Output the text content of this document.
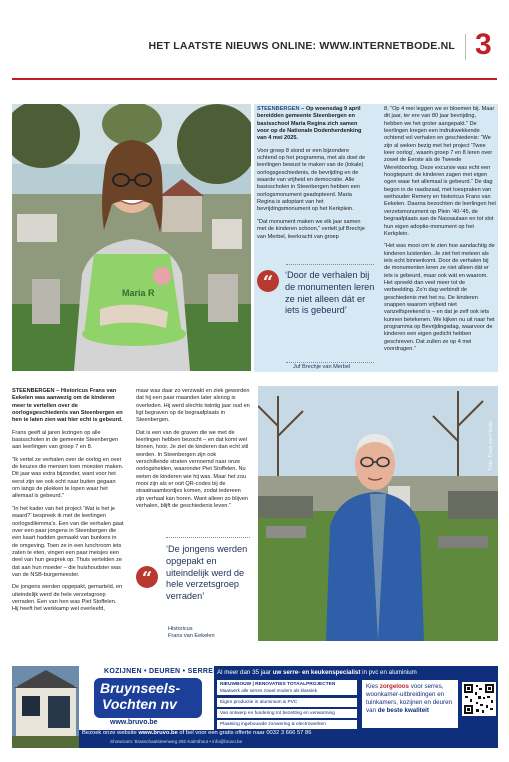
HET LAATSTE NIEUWS ONLINE: WWW.INTERNETBODE.NL 3
Maria R

STEENBERGEN – Op woensdag 9 april bereidden gemeente Steenbergen en basisschool Maria Regina zich samen voor op de Nationale Dodenherdenking van 4 mei 2025.

Voor groep 8 stond er een bijzondere ochtend op het programma, met als doel de leerlingen bewust te maken van de (lokale) oorlogsgeschiedenis, de bevrijding en de waarde van vrijheid en democratie. Alle basisscholen in Steenbergen hebben een oorlogsmonument geadopteerd. Maria Regina is adoptant van het bevrijdingsmonument op het Kerkplein.

“Dat monument maken we elk jaar samen met de kinderen schoon,” vertelt juf Brechje van Merbel, leerkracht van groep

8. “Op 4 mei leggen we er bloemen bij. Maar dit jaar, ter ere van 80 jaar bevrijding, hebben we het groter aangepakt.” De leerlingen kregen een indrukwekkende ochtend vol verhalen en geschiedenis: “We zijn al weken bezig met het project ‘Twee keer oorlog’, waarin groep 7 en 8 leren over zowel de Eerste als de Tweede Wereldoorlog. Deze excursie was echt een hoogtepunt: de kinderen zagen met eigen ogen waar het allemaal is gebeurd.” De dag begon in de raadszaal, met toespraken van wethouder Remery en historicus Frans van Eekelen. Daarna bezochten de leerlingen het verzetsmonument op Plein ’40-’45, de begraafplaats aan de Nassaulaan en tot slot hun eigen adoptie-monument op het Kerkplein.

“Het was mooi om te zien hoe aandachtig de kinderen luisterden. Je ziet het meteen als iets echt binnenkomt. Door de verhalen bij de monumenten leren ze niet alleen dát er iets is gebeurd, maar ook wát en waarom. Het spreekt dan veel meer tot de verbeelding. Zo’n dag verbindt de geschiedenis met het nu. De kinderen snappen waarom vrijheid niet vanzelfsprekend is – en dat je zelf ook iets kunnen betekenen. We kijken nu uit naar het programma op Bevrijdingsdag, waarvoor de kinderen een eigen gedicht hebben geschreven. Dat zullen ze op 4 mei voordragen.”

“	‘Door de verhalen bij de monumenten leren ze niet alleen dát er iets is gebeurd’
Juf Brechje van Merbel

STEENBERGEN – Historicus Frans van Eekelen was aanwezig om de kinderen meer te vertellen over de oorlogsgeschiedenis van Steenbergen en hen te laten zien wat hier echt is gebeurd.

Frans geeft al jaren lezingen op alle basisscholen in de gemeente Steenbergen aan leerlingen van groep 7 en 8.

“Ik vertel ze verhalen over de oorlog en over de keuzes die mensen toen moesten maken. Dit jaar was extra bijzonder, want voor het eerst zijn we ook echt naar buiten gegaan om langs de plekken te lopen waar het allemaal is gebeurd.”

“In het kader van het project ‘Wat is het je waard?’ bespreek ik met de leerlingen oorlogsdilemma’s. Een van die verhalen gaat over een paar jongens in Steenbergen die een kaart hadden gemaakt van bunkers in de omgeving. Toen ze in een lunchroom iets zaten te eten, vingen een paar meisjes een deel van hun gesprek op. Thuis vertelden ze dat aan hun moeder – die huishoudster was van de NSB-burgemeester.

De jongens werden opgepakt, gemarteld, en uiteindelijk werd de hele verzetsgroep verraden. Een van hen was Piet Stoffelen. Hij heeft het werkkamp wel overleefd,

maar was daar zo verzwakt en ziek geworden dat hij een paar maanden later alsnog is overleden. Hij werd slechts twintig jaar oud en ligt begraven op de begraafplaats in Steenbergen.

Dat is een van de graven die we met de leerlingen hebben bezocht – en dat komt wel binnen, hoor. Je ziet de kinderen dan echt stil worden. In Steenbergen zijn ook verschillende straten vernoemd naar onze oorlogshelden, waaronder Piet Stoffelen. Nu weten de kinderen wie hij was. Maar het zou mooi zijn als er ooit QR-codes bij de straatnaambordjes komen, zodat iedereen zijn verhaal kan horen. Want alleen zo blijven verhalen, blijft de geschiedenis leven.”

“
‘De jongens werden opgepakt en uiteindelijk werd de hele verzetsgroep verraden’
Historicus
Frans van Eekelen
Foto: Daan van Halder
KOZIJNEN • DEUREN • SERRES
Bruynseels-
Vochten nv
www.bruvo.be
Al meer dan 35 jaar uw serre- en keukenspecialist in pvc en aluminium
NIEUWBOUW | RENOVATIES TOTAALPROJECTEN
Maatwerk alle serres zowel modern als klassiek
Eigen productie in aluminium & PVC
Van ontwerp en fundering tot bezetting en verwarming
Plaatsing ingebouwde zonwering & electrowerken
Kies zorgeloos voor serres, woonkamer-uitbreidingen en tuinkamers, kozijnen en deuren van de beste kwaliteit
Bezoek onze website www.bruvo.be of bel voor een gratis offerte naar 0032 3 666 57 86
Showroom: Brasschaatsteenweg 292 Kalmthout • info@bruvo.be
